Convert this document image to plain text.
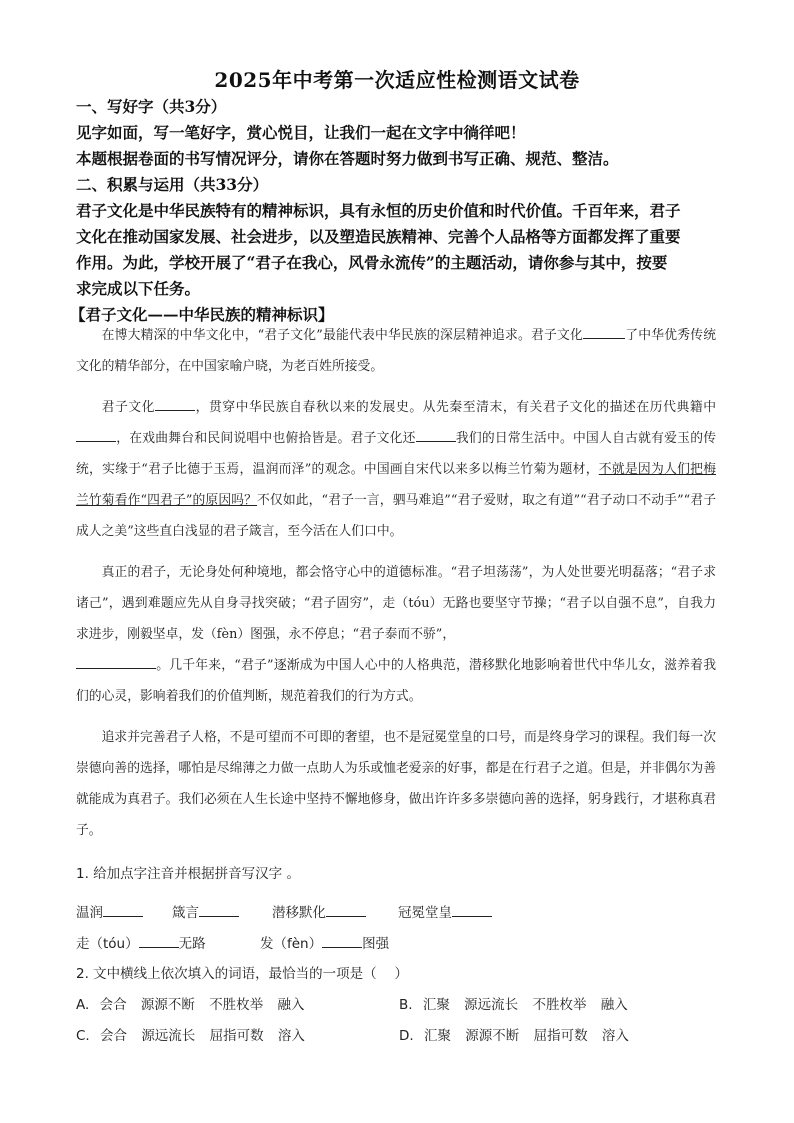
2025年中考第一次适应性检测语文试卷

一、写好字（共3分）

见字如面，写一笔好字，赏心悦目，让我们一起在文字中徜徉吧！

本题根据卷面的书写情况评分，请你在答题时努力做到书写正确、规范、整洁。

二、积累与运用（共33分）

君子文化是中华民族特有的精神标识，具有永恒的历史价值和时代价值。千百年来，君子

文化在推动国家发展、社会进步，以及塑造民族精神、完善个人品格等方面都发挥了重要

作用。为此，学校开展了“君子在我心，风骨永流传”的主题活动，请你参与其中，按要

求完成以下任务。

【君子文化——中华民族的精神标识】

在博大精深的中华文化中，“君子文化”最能代表中华民族的深层精神追求。君子文化	了中华优秀传统文化的精华部分，在中国家喻户晓，为老百姓所接受。

君子文化	，贯穿中华民族自春秋以来的发展史。从先秦至清末，有关君子文化的描述在历代典籍中，在戏曲舞台和民间说唱中也俯拾皆是。君子文化还	我们的日常生活中。中国人自古就有爱玉的传统，实缘于“君子比德于玉焉，温润而泽”的观念。中国画自宋代以来多以梅兰竹菊为题材，不就是因为人们把梅兰竹菊看作“四君子”的原因吗？不仅如此，“君子一言，驷马难追”“君子爱财，取之有道”“君子动口不动手”“君子成人之美”这些直白浅显的君子箴言，至今活在人们口中。

真正的君子，无论身处何种境地，都会恪守心中的道德标准。“君子坦荡荡”，为人处世要光明磊落；“君子求诸己”，遇到难题应先从自身寻找突破；“君子固穷”，走（tóu）无路也要坚守节操；“君子以自强不息”，自我力求进步，刚毅坚卓，发（fèn）图强，永不停息；“君子泰而不骄”，
。几千年来，“君子”逐渐成为中国人心中的人格典范，潜移默化地影响着世代中华儿女，滋养着我们的心灵，影响着我们的价值判断，规范着我们的行为方式。

追求并完善君子人格，不是可望而不可即的奢望，也不是冠冕堂皇的口号，而是终身学习的课程。我们每一次崇德向善的选择，哪怕是尽绵薄之力做一点助人为乐或恤老爱亲的好事，都是在行君子之道。但是，并非偶尔为善就能成为真君子。我们必须在人生长途中坚持不懈地修身，做出许许多多崇德向善的选择，躬身践行，才堪称真君子。

1. 给加点字注音并根据拼音写汉字 。
温润	箴言	潜移默化	冠冕堂皇
走（tóu）	无路	发（fèn）	图强
2. 文中横线上依次填入的词语，最恰当的一项是（　 ）
A. 会合 源源不断 不胜枚举 融入	B. 汇聚 源远流长 不胜枚举 融入
C. 会合 源远流长 屈指可数 溶入	D. 汇聚 源源不断 屈指可数 溶入
